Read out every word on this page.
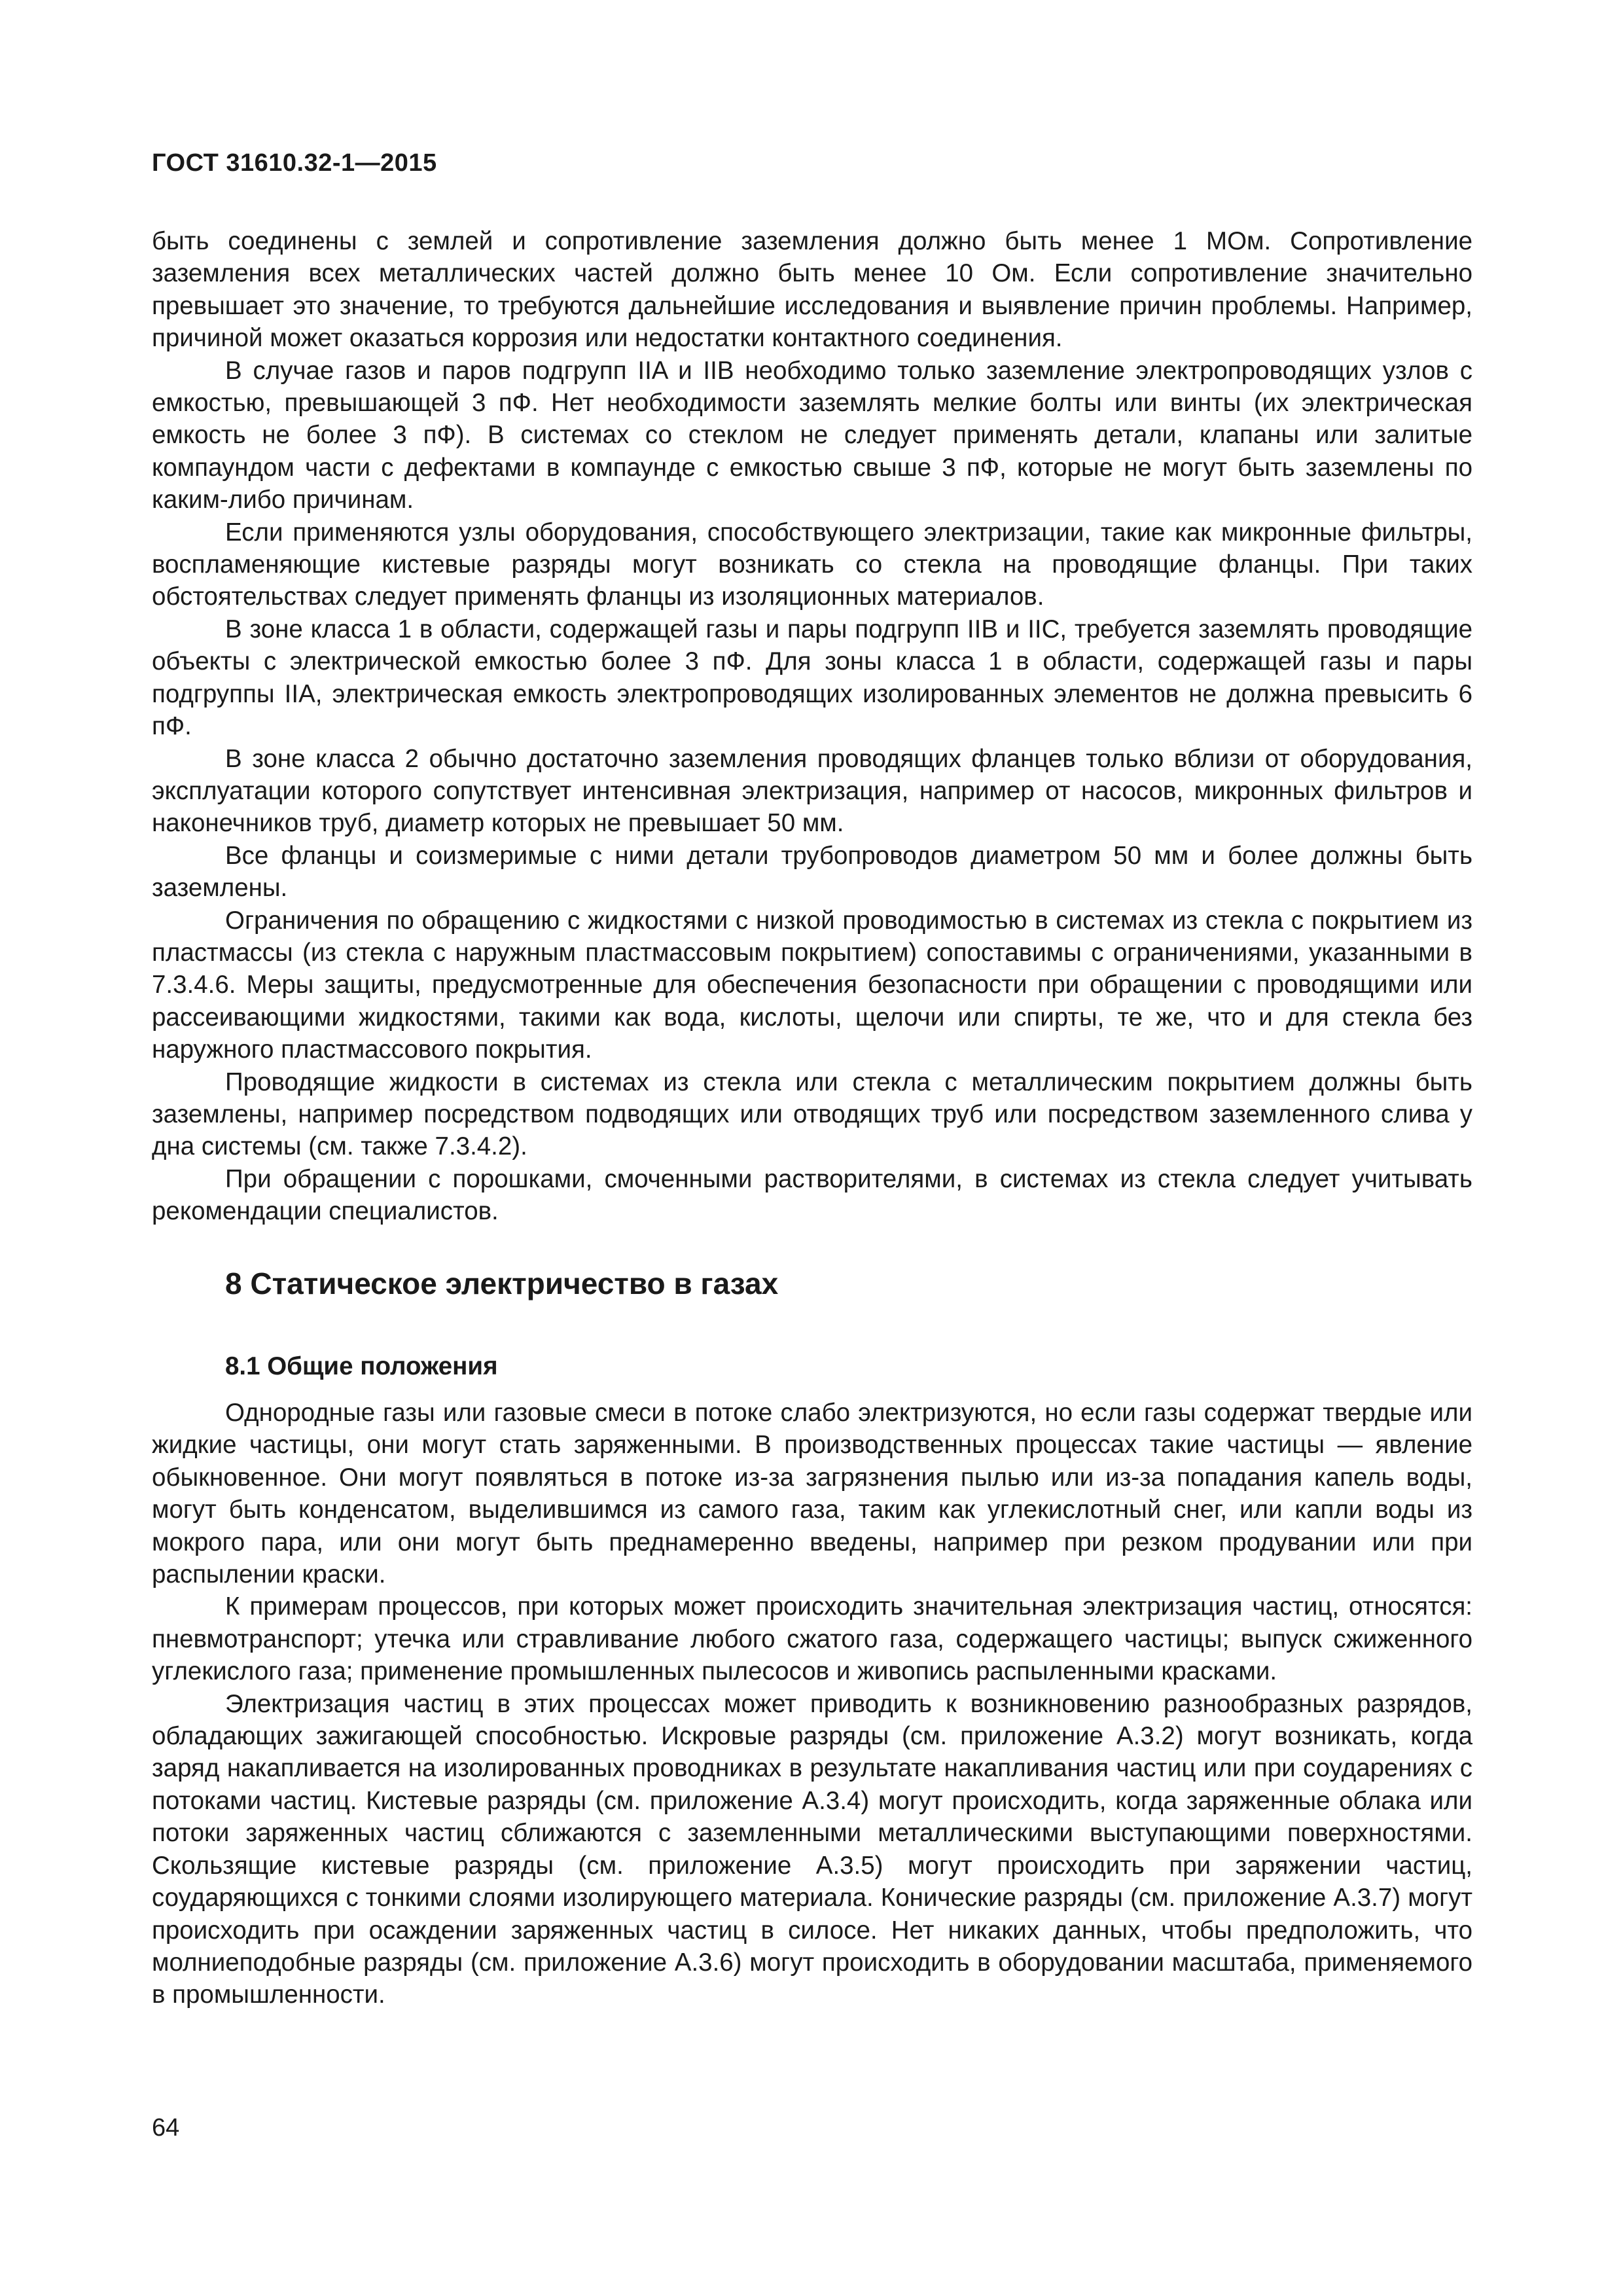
ГОСТ 31610.32-1—2015

быть соединены с землей и сопротивление заземления должно быть менее 1 МОм. Сопротивление заземления всех металлических частей должно быть менее 10 Ом. Если сопротивление значительно превышает это значение, то требуются дальнейшие исследования и выявление причин проблемы. Например, причиной может оказаться коррозия или недостатки контактного соединения.

В случае газов и паров подгрупп IIA и IIB необходимо только заземление электропроводящих узлов с емкостью, превышающей 3 пФ. Нет необходимости заземлять мелкие болты или винты (их электрическая емкость не более 3 пФ). В системах со стеклом не следует применять детали, клапаны или залитые компаундом части с дефектами в компаунде с емкостью свыше 3 пФ, которые не могут быть заземлены по каким-либо причинам.

Если применяются узлы оборудования, способствующего электризации, такие как микронные фильтры, воспламеняющие кистевые разряды могут возникать со стекла на проводящие фланцы. При таких обстоятельствах следует применять фланцы из изоляционных материалов.

В зоне класса 1 в области, содержащей газы и пары подгрупп IIB и IIC, требуется заземлять проводящие объекты с электрической емкостью более 3 пФ. Для зоны класса 1 в области, содержащей газы и пары подгруппы IIA, электрическая емкость электропроводящих изолированных элементов не должна превысить 6 пФ.

В зоне класса 2 обычно достаточно заземления проводящих фланцев только вблизи от оборудования, эксплуатации которого сопутствует интенсивная электризация, например от насосов, микронных фильтров и наконечников труб, диаметр которых не превышает 50 мм.

Все фланцы и соизмеримые с ними детали трубопроводов диаметром 50 мм и более должны быть заземлены.

Ограничения по обращению с жидкостями с низкой проводимостью в системах из стекла с покрытием из пластмассы (из стекла с наружным пластмассовым покрытием) сопоставимы с ограничениями, указанными в 7.3.4.6. Меры защиты, предусмотренные для обеспечения безопасности при обращении с проводящими или рассеивающими жидкостями, такими как вода, кислоты, щелочи или спирты, те же, что и для стекла без наружного пластмассового покрытия.

Проводящие жидкости в системах из стекла или стекла с металлическим покрытием должны быть заземлены, например посредством подводящих или отводящих труб или посредством заземленного слива у дна системы (см. также 7.3.4.2).

При обращении с порошками, смоченными растворителями, в системах из стекла следует учитывать рекомендации специалистов.

8 Статическое электричество в газах
8.1 Общие положения

Однородные газы или газовые смеси в потоке слабо электризуются, но если газы содержат твердые или жидкие частицы, они могут стать заряженными. В производственных процессах такие частицы — явление обыкновенное. Они могут появляться в потоке из-за загрязнения пылью или из-за попадания капель воды, могут быть конденсатом, выделившимся из самого газа, таким как углекислотный снег, или капли воды из мокрого пара, или они могут быть преднамеренно введены, например при резком продувании или при распылении краски.

К примерам процессов, при которых может происходить значительная электризация частиц, относятся: пневмотранспорт; утечка или стравливание любого сжатого газа, содержащего частицы; выпуск сжиженного углекислого газа; применение промышленных пылесосов и живопись распыленными красками.

Электризация частиц в этих процессах может приводить к возникновению разнообразных разрядов, обладающих зажигающей способностью. Искровые разряды (см. приложение А.3.2) могут возникать, когда заряд накапливается на изолированных проводниках в результате накапливания частиц или при соударениях с потоками частиц. Кистевые разряды (см. приложение А.3.4) могут происходить, когда заряженные облака или потоки заряженных частиц сближаются с заземленными металлическими выступающими поверхностями. Скользящие кистевые разряды (см. приложение А.3.5) могут происходить при заряжении частиц, соударяющихся с тонкими слоями изолирующего материала. Конические разряды (см. приложение А.3.7) могут происходить при осаждении заряженных частиц в силосе. Нет никаких данных, чтобы предположить, что молниеподобные разряды (см. приложение А.3.6) могут происходить в оборудовании масштаба, применяемого в промышленности.

64
